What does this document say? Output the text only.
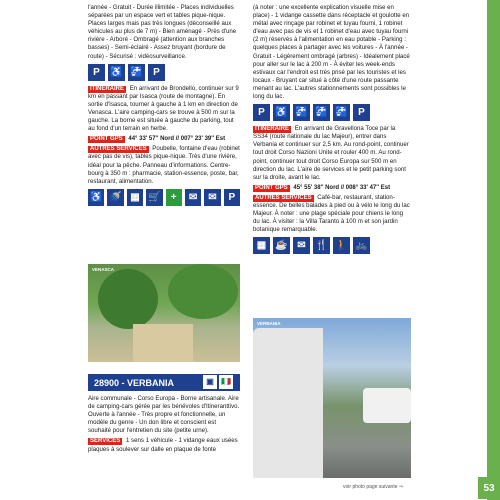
l'année - Gratuit - Durée illimitée - Places individuelles séparées par un espace vert et tables pique-nique. Places larges mais pas très longues (déconseillé aux véhicules au plus de 7 m) - Bien aménagé - Près d'une rivière - Arboré - Ombragé (attention aux branches basses) - Semi-éclairé - Assez bruyant (bordure de route) - Sécurisé : vidéosurveillance.

P	♿ 🚰	P

ITINÉRAIRE En arrivant de Brondello, continuer sur 9 km en passant par Isasca (route de montagne). En sortie d'Isasca, tourner à gauche à 1 km en direction de Venasca. L'aire camping-cars se trouve à 500 m sur la gauche. La borne est située à gauche du parking, tout au fond d'un terrain en herbe.

POINT GPS 44° 33' 57'' Nord // 007° 23' 39'' Est

AUTRES SERVICES Poubelle, fontaine d'eau (robinet avec pas de vis), tables pique-nique. Très d'une rivière, idéal pour la pêche. Panneau d'informations. Centre-bourg à 350 m : pharmacie, station-essence, poste, bar, restaurant, alimentation.

♿ 🚿 ▦ 🛒	+	✉	✉	P
VENASCA
28900 - VERBANIA	▣ 🇮🇹

Aire communale - Corso Europa - Borne artisanale. Aire de camping-cars gérée par les bénévoles d'Itineranttivo. Ouverte à l'année - Très propre et fonctionnelle, un modèle du genre - Un don libre et conscient est souhaité pour l'entretien du site (petite urne).

SERVICES 1 sens 1 véhicule - 1 vidange eaux usées plaques à soulever sur dalle en plaque de fonte

(à noter : une excellente explication visuelle mise en place) - 1 vidange cassette dans réceptacle et goulotte en métal avec rinçage par robinet et tuyau fourni, 1 robinet d'eau avec pas de vis et 1 robinet d'eau avec tuyau fourni (2 m) réservés à l'alimentation en eau potable - Parking : quelques places à partager avec les voitures - À l'année - Gratuit - Légèrement ombragé (arbres) - Idéalement placé pour aller sur le lac à 200 m - À éviter les week-ends estivaux car l'endroit est très prisé par les touristes et les locaux - Bruyant car situé à côté d'une route passante menant au lac. L'autres stationnements sont possibles le long du lac.

P	♿ 🚰 🚰 🚰	P

ITINÉRAIRE En arrivant de Gravellona Toce par la SS34 (route nationale du lac Majeur), entrer dans Verbania et continuer sur 2,5 km. Au rond-point, continuer tout droit Corso Nazioni Unite et rouler 400 m. Au rond-point, continuer tout droit Corso Europa sur 500 m en direction du lac. L'aire de services et le petit parking sont sur la droite, avant le lac.

POINT GPS 45° 55' 38'' Nord // 008° 33' 47'' Est

AUTRES SERVICES Café-bar, restaurant, station-essence. De belles balades à pied ou à vélo le long du lac Majeur. À noter : une plage spéciale pour chiens le long du lac. À visiter : la Villa Taranto à 100 m et son jardin botanique remarquable.

▦ ☕ ✉ 🍴 🚶 🚲
VERBANIA
voir photo page suivante ⇒	53
